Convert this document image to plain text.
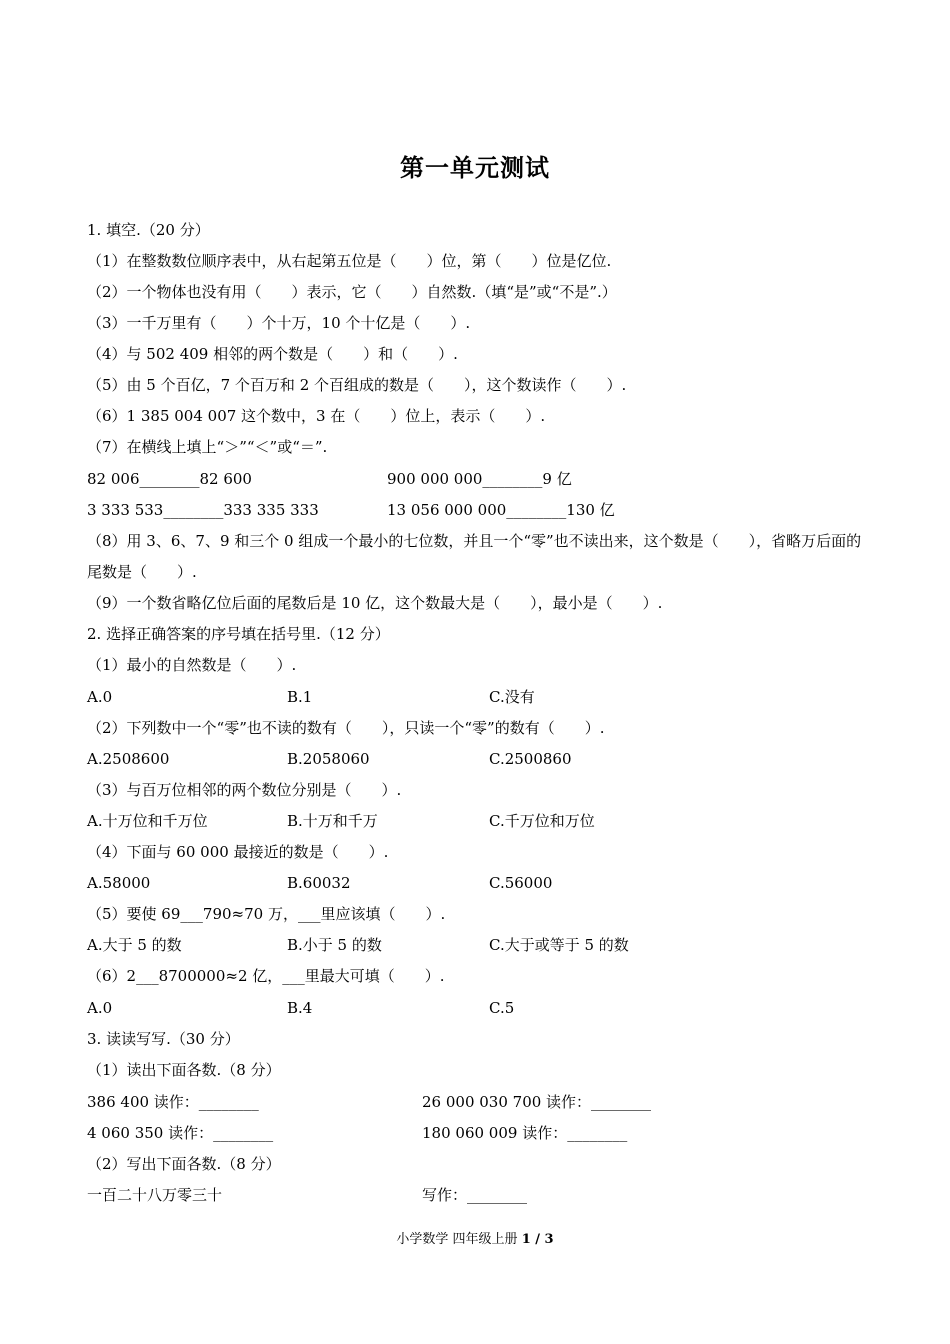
第一单元测试
1. 填空.（20 分）
（1）在整数数位顺序表中，从右起第五位是（　　）位，第（　　）位是亿位.
（2）一个物体也没有用（　　）表示，它（　　）自然数.（填“是”或“不是”.）
（3）一千万里有（　　）个十万，10 个十亿是（　　）.
（4）与 502 409 相邻的两个数是（　　）和（　　）.
（5）由 5 个百亿，7 个百万和 2 个百组成的数是（　　），这个数读作（　　）.
（6）1 385 004 007 这个数中，3 在（　　）位上，表示（　　）.
（7）在横线上填上“＞”“＜”或“＝”.
82 006________82 600	900 000 000________9 亿
3 333 533________333 335 333	13 056 000 000________130 亿
（8）用 3、6、7、9 和三个 0 组成一个最小的七位数，并且一个“零”也不读出来，这个数是（　　），省略万后面的尾数是（　　）.
（9）一个数省略亿位后面的尾数后是 10 亿，这个数最大是（　　），最小是（　　）.
2. 选择正确答案的序号填在括号里.（12 分）
（1）最小的自然数是（　　）.
A.0	B.1	C.没有
（2）下列数中一个“零”也不读的数有（　　），只读一个“零”的数有（　　）.
A.2508600	B.2058060	C.2500860
（3）与百万位相邻的两个数位分别是（　　）.
A.十万位和千万位	B.十万和千万	C.千万位和万位
（4）下面与 60 000 最接近的数是（　　）.
A.58000	B.60032	C.56000
（5）要使 69___790≈70 万，___里应该填（　　）.
A.大于 5 的数	B.小于 5 的数	C.大于或等于 5 的数
（6）2___8700000≈2 亿，___里最大可填（　　）.
A.0	B.4	C.5
3. 读读写写.（30 分）
（1）读出下面各数.（8 分）
386 400 读作：________	26 000 030 700 读作：________
4 060 350 读作：________	180 060 009 读作：________
（2）写出下面各数.（8 分）
一百二十八万零三十	写作：________
小学数学 四年级上册 1 / 3
